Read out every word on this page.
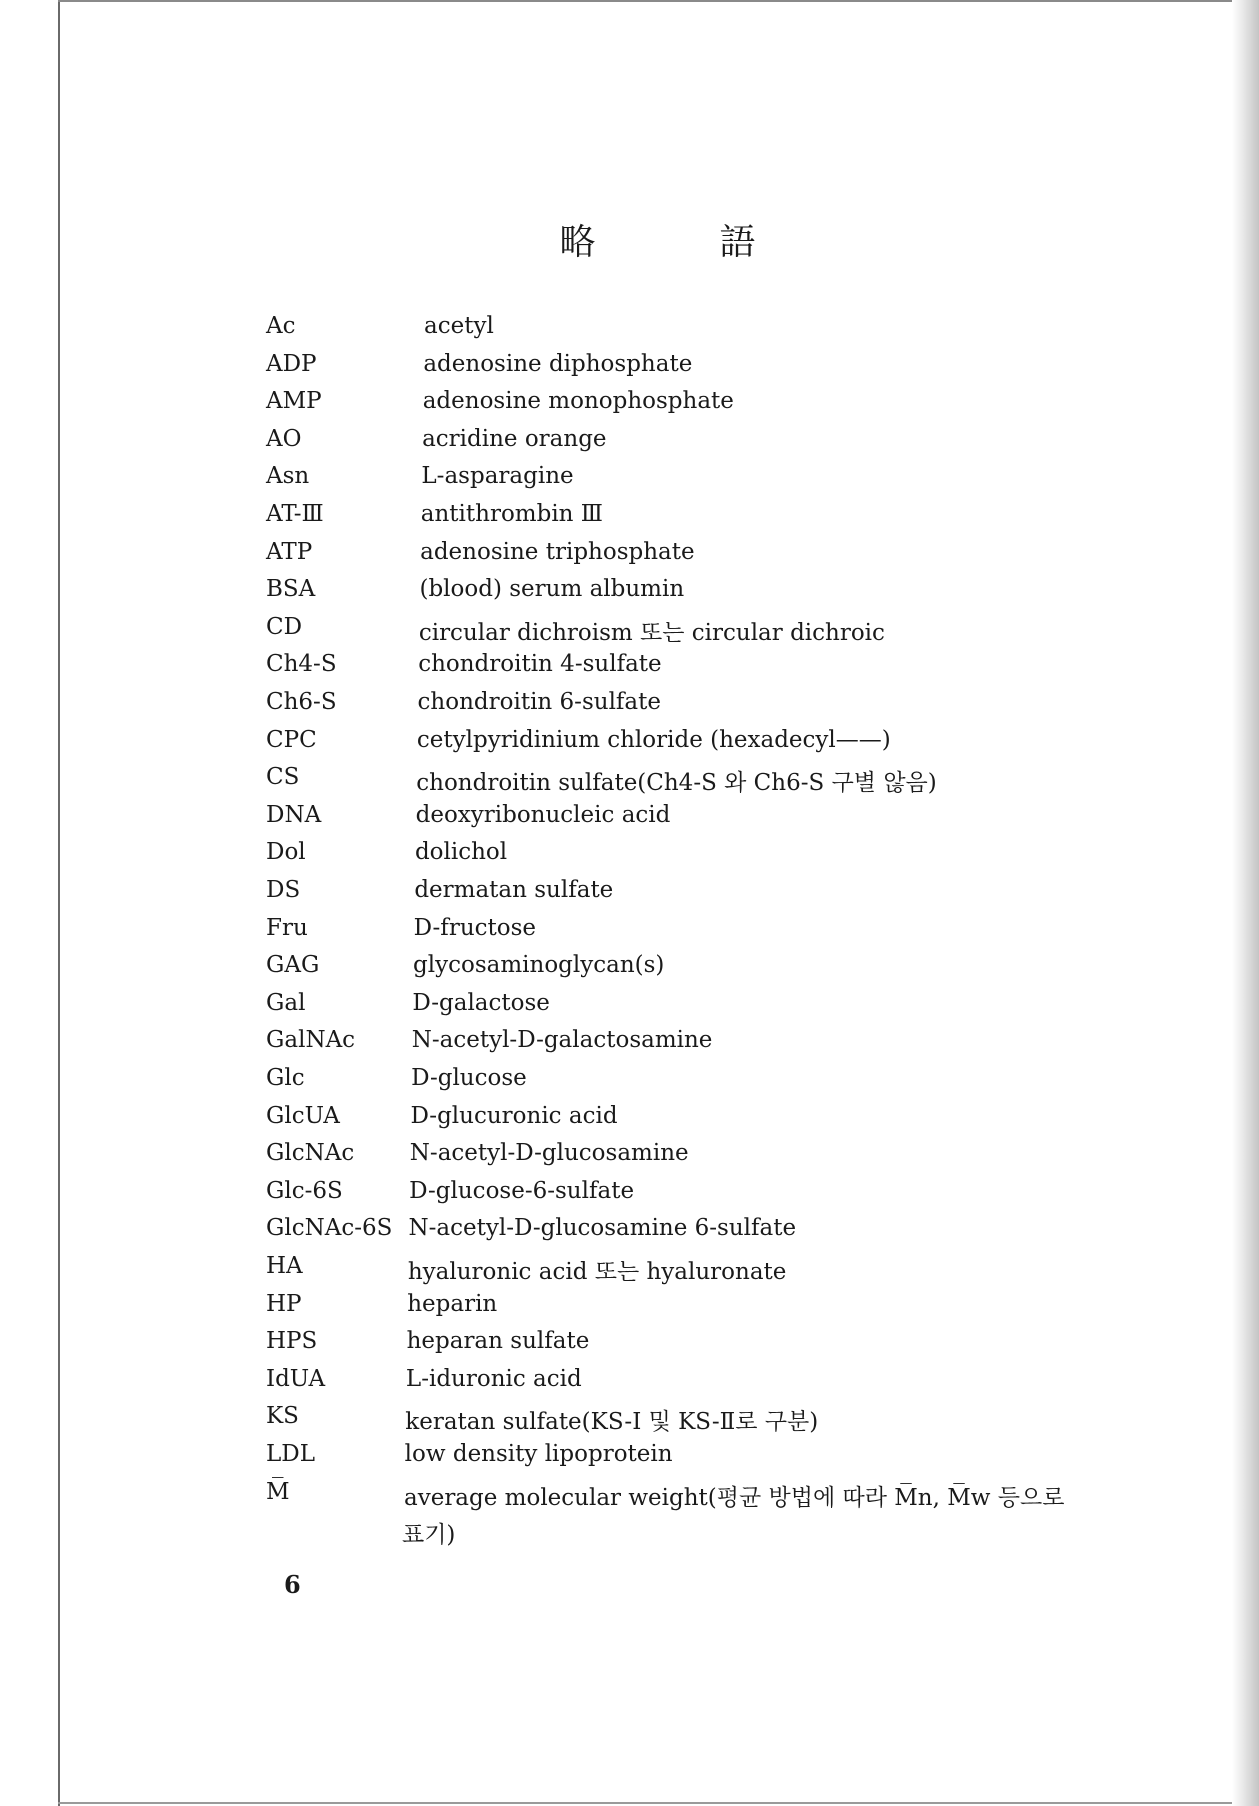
略　語
Ac	acetyl
ADP	adenosine diphosphate
AMP	adenosine monophosphate
AO	acridine orange
Asn	L-asparagine
AT-Ⅲ	antithrombin Ⅲ
ATP	adenosine triphosphate
BSA	(blood) serum albumin
CD	circular dichroism 또는 circular dichroic
Ch4-S	chondroitin 4-sulfate
Ch6-S	chondroitin 6-sulfate
CPC	cetylpyridinium chloride (hexadecyl——)
CS	chondroitin sulfate(Ch4-S 와 Ch6-S 구별 않음)
DNA	deoxyribonucleic acid
Dol	dolichol
DS	dermatan sulfate
Fru	D-fructose
GAG	glycosaminoglycan(s)
Gal	D-galactose
GalNAc N-acetyl-D-galactosamine
Glc	D-glucose
GlcUA	D-glucuronic acid
GlcNAc N-acetyl-D-glucosamine
Glc-6S	D-glucose-6-sulfate
GlcNAc-6S N-acetyl-D-glucosamine 6-sulfate
HA	hyaluronic acid 또는 hyaluronate
HP	heparin
HPS	heparan sulfate
IdUA	L-iduronic acid
KS	keratan sulfate(KS-Ⅰ 및 KS-Ⅱ로 구분)
LDL	low density lipoprotein
M̅	average molecular weight(평균 방법에 따라 M̅n, M̅w 등으로
표기)
6
